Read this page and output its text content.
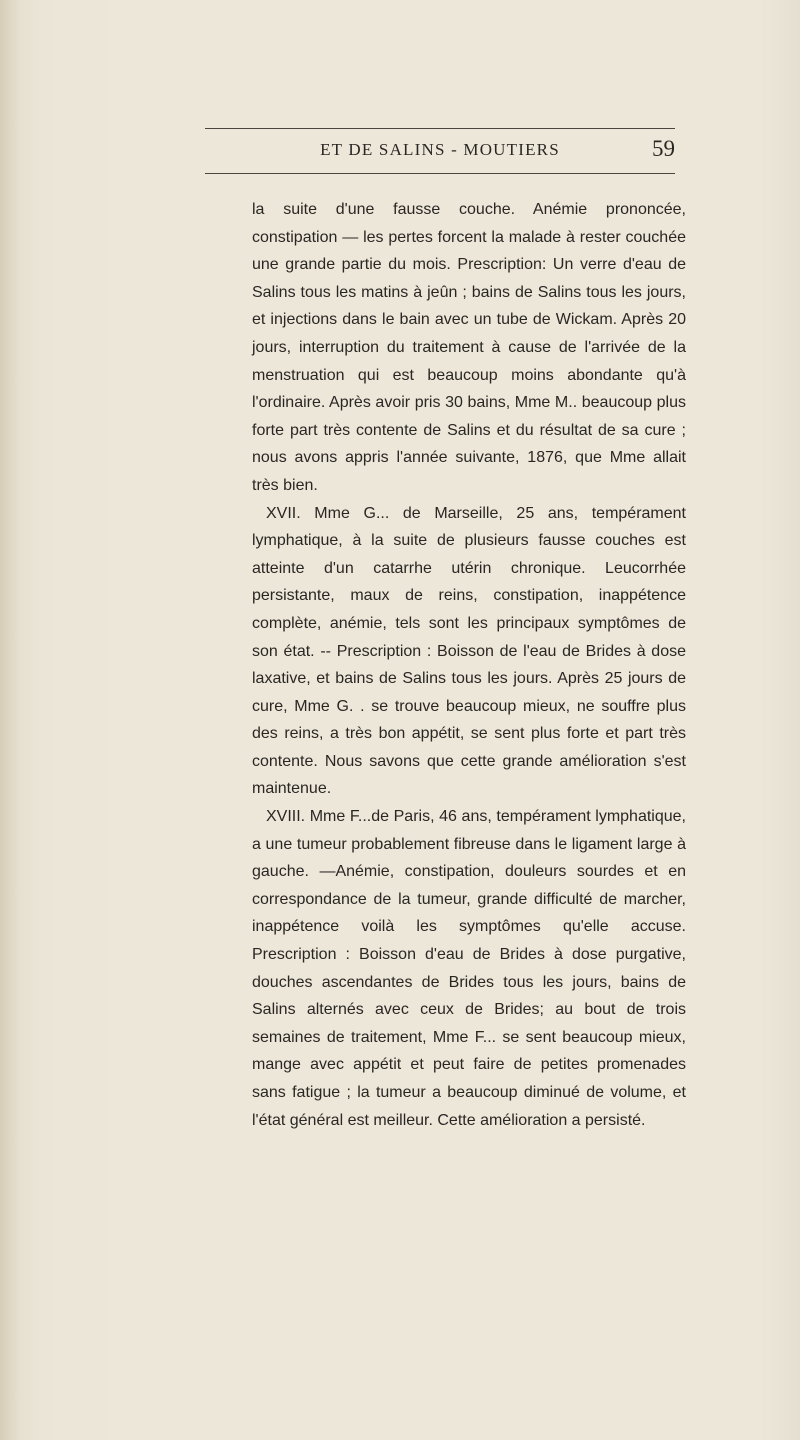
ET DE SALINS - MOUTIERS	59

la suite d'une fausse couche. Anémie prononcée, constipation — les pertes forcent la malade à rester couchée une grande partie du mois. Prescription: Un verre d'eau de Salins tous les matins à jeûn ; bains de Salins tous les jours, et injections dans le bain avec un tube de Wickam. Après 20 jours, interruption du traitement à cause de l'arrivée de la menstruation qui est beaucoup moins abondante qu'à l'ordinaire. Après avoir pris 30 bains, Mme M.. beaucoup plus forte part très contente de Salins et du résultat de sa cure ; nous avons appris l'année suivante, 1876, que Mme allait très bien.

XVII. Mme G... de Marseille, 25 ans, tempérament lymphatique, à la suite de plusieurs fausse couches est atteinte d'un catarrhe utérin chronique. Leucorrhée persistante, maux de reins, constipation, inappétence complète, anémie, tels sont les principaux symptômes de son état. -- Prescription : Boisson de l'eau de Brides à dose laxative, et bains de Salins tous les jours. Après 25 jours de cure, Mme G. . se trouve beaucoup mieux, ne souffre plus des reins, a très bon appétit, se sent plus forte et part très contente. Nous savons que cette grande amélioration s'est maintenue.

XVIII. Mme F...de Paris, 46 ans, tempérament lymphatique, a une tumeur probablement fibreuse dans le ligament large à gauche. —Anémie, constipation, douleurs sourdes et en correspondance de la tumeur, grande difficulté de marcher, inappétence voilà les symptômes qu'elle accuse. Prescription : Boisson d'eau de Brides à dose purgative, douches ascendantes de Brides tous les jours, bains de Salins alternés avec ceux de Brides; au bout de trois semaines de traitement, Mme F... se sent beaucoup mieux, mange avec appétit et peut faire de petites promenades sans fatigue ; la tumeur a beaucoup diminué de volume, et l'état général est meilleur. Cette amélioration a persisté.
